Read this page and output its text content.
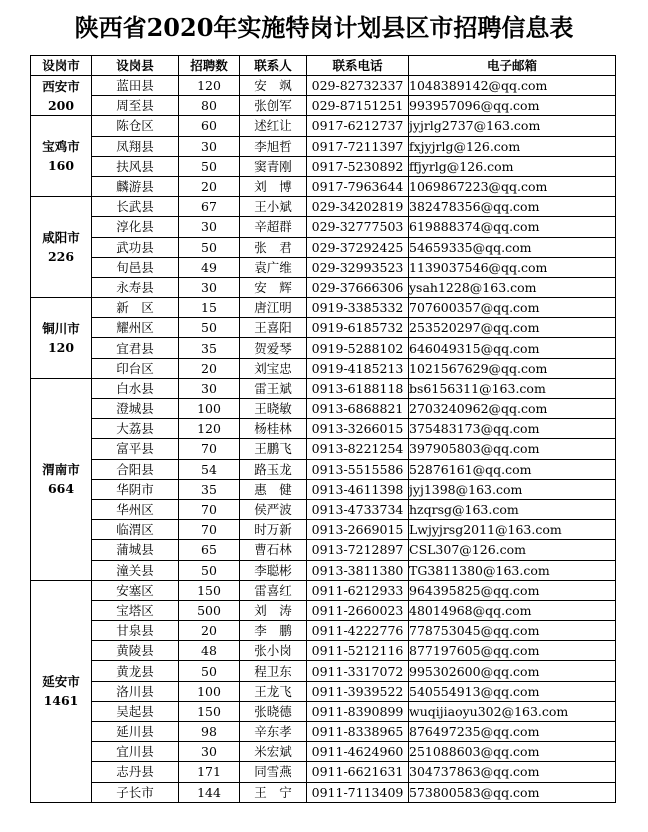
陕西省2020年实施特岗计划县区市招聘信息表
设岗市	设岗县	招聘数	联系人	联系电话	电子邮箱

西安市
200	蓝田县	120	安　飒	029-82732337	1048389142@qq.com
	周至县	80	张创军	029-87151251	993957096@qq.com

宝鸡市
160	陈仓区	60	述红让	0917-6212737	jyjrlg2737@163.com
	凤翔县	30	李旭哲	0917-7211397	fxjyjrlg@126.com
	扶风县	50	窦青刚	0917-5230892	ffjyrlg@126.com
	麟游县	20	刘　博	0917-7963644	1069867223@qq.com

咸阳市
226	长武县	67	王小斌	029-34202819	382478356@qq.com
	淳化县	30	辛超群	029-32777503	619888374@qq.com
	武功县	50	张　君	029-37292425	54659335@qq.com
	旬邑县	49	袁广维	029-32993523	1139037546@qq.com
	永寿县	30	安　辉	029-37666306	ysah1228@163.com

铜川市
120	新　区	15	唐江明	0919-3385332	707600357@qq.com
	耀州区	50	王喜阳	0919-6185732	253520297@qq.com
	宜君县	35	贺爱琴	0919-5288102	646049315@qq.com
	印台区	20	刘宝忠	0919-4185213	1021567629@qq.com

渭南市
664	白水县	30	雷王斌	0913-6188118	bs6156311@163.com
	澄城县	100	王晓敏	0913-6868821	2703240962@qq.com
	大荔县	120	杨桂林	0913-3266015	375483173@qq.com
	富平县	70	王鹏飞	0913-8221254	397905803@qq.com
	合阳县	54	路玉龙	0913-5515586	52876161@qq.com
	华阴市	35	惠　健	0913-4611398	jyj1398@163.com
	华州区	70	侯严波	0913-4733734	hzqrsg@163.com
	临渭区	70	时万新	0913-2669015	Lwjyjrsg2011@163.com
	蒲城县	65	曹石林	0913-7212897	CSL307@126.com
	潼关县	50	李聪彬	0913-3811380	TG3811380@163.com

延安市
1461	安塞区	150	雷喜红	0911-6212933	964395825@qq.com
	宝塔区	500	刘　涛	0911-2660023	48014968@qq.com
	甘泉县	20	李　鹏	0911-4222776	778753045@qq.com
	黄陵县	48	张小岗	0911-5212116	877197605@qq.com
	黄龙县	50	程卫东	0911-3317072	995302600@qq.com
	洛川县	100	王龙飞	0911-3939522	540554913@qq.com
	吴起县	150	张晓德	0911-8390899	wuqijiaoyu302@163.com
	延川县	98	辛东孝	0911-8338965	876497235@qq.com
	宜川县	30	米宏斌	0911-4624960	251088603@qq.com
	志丹县	171	同雪燕	0911-6621631	304737863@qq.com
	子长市	144	王　宁	0911-7113409	573800583@qq.com
